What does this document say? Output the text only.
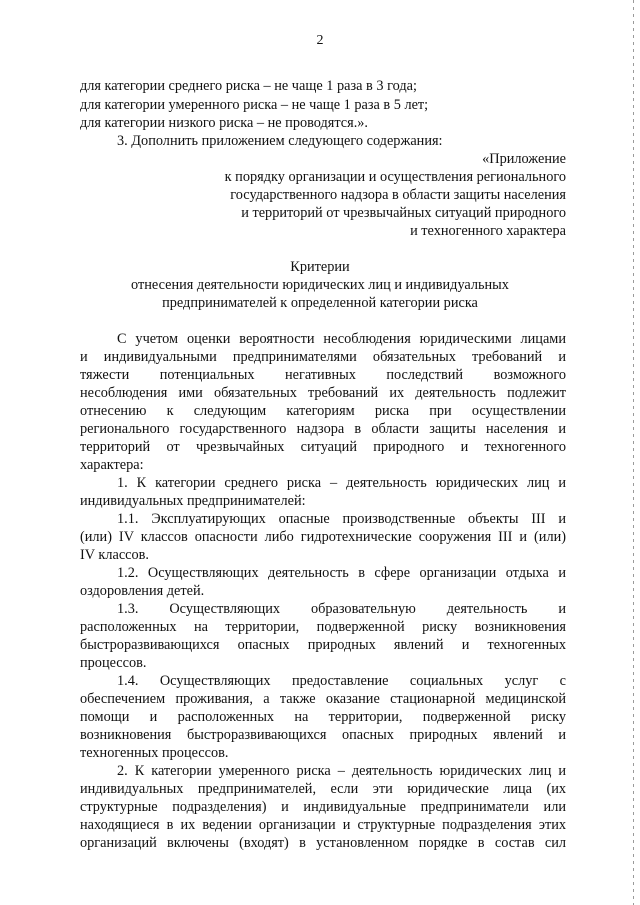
2
для категории среднего риска – не чаще 1 раза в 3 года;
для категории умеренного риска – не чаще 1 раза в 5 лет;
для категории низкого риска – не проводятся.».
3. Дополнить приложением следующего содержания:
«Приложение
к порядку организации и осуществления регионального
государственного надзора в области защиты населения
и территорий от чрезвычайных ситуаций природного
и техногенного характера
Критерии
отнесения деятельности юридических лиц и индивидуальных
предпринимателей к определенной категории риска
С учетом оценки вероятности несоблюдения юридическими лицами
и индивидуальными предпринимателями обязательных требований и
тяжести потенциальных негативных последствий возможного
несоблюдения ими обязательных требований их деятельность подлежит
отнесению к следующим категориям риска при осуществлении
регионального государственного надзора в области защиты населения и
территорий от чрезвычайных ситуаций природного и техногенного
характера:
1. К категории среднего риска – деятельность юридических лиц и
индивидуальных предпринимателей:
1.1. Эксплуатирующих опасные производственные объекты III и
(или) IV классов опасности либо гидротехнические сооружения III и (или)
IV классов.
1.2. Осуществляющих деятельность в сфере организации отдыха и
оздоровления детей.
1.3. Осуществляющих образовательную деятельность и
расположенных на территории, подверженной риску возникновения
быстроразвивающихся опасных природных явлений и техногенных
процессов.
1.4. Осуществляющих предоставление социальных услуг с
обеспечением проживания, а также оказание стационарной медицинской
помощи и расположенных на территории, подверженной риску
возникновения быстроразвивающихся опасных природных явлений и
техногенных процессов.
2. К категории умеренного риска – деятельность юридических лиц и
индивидуальных предпринимателей, если эти юридические лица (их
структурные подразделения) и индивидуальные предприниматели или
находящиеся в их ведении организации и структурные подразделения этих
организаций включены (входят) в установленном порядке в состав сил
